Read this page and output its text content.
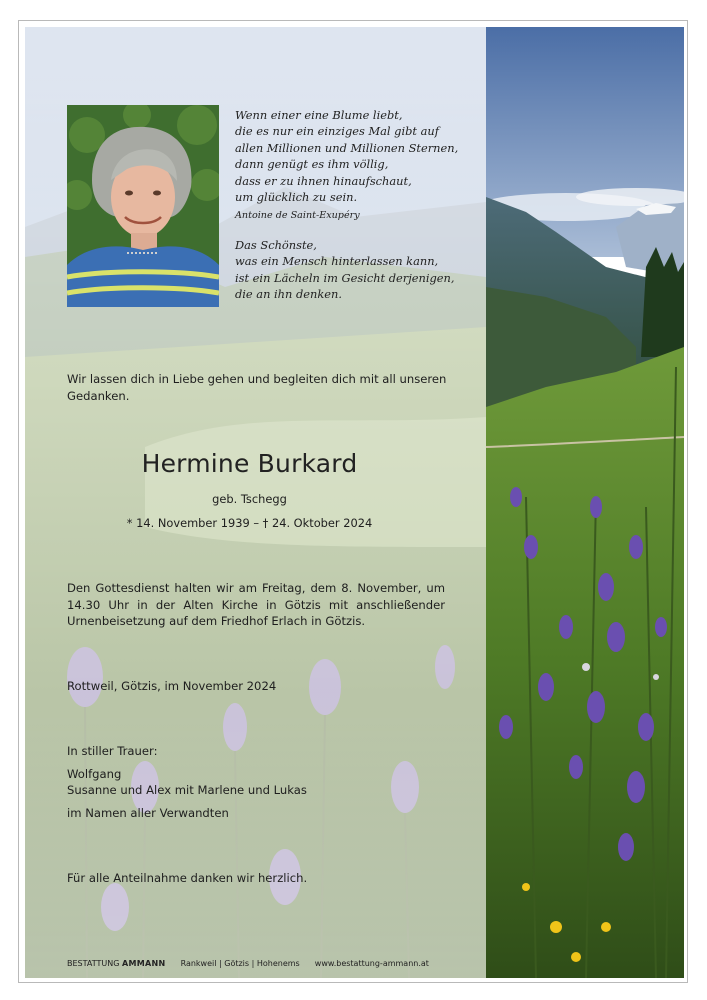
Wenn einer eine Blume liebt,
die es nur ein einziges Mal gibt auf
allen Millionen und Millionen Sternen,
dann genügt es ihm völlig,
dass er zu ihnen hinaufschaut,
um glücklich zu sein.
Antoine de Saint-Exupéry
Das Schönste,
was ein Mensch hinterlassen kann,
ist ein Lächeln im Gesicht derjenigen,
die an ihn denken.
Wir lassen dich in Liebe gehen und begleiten dich mit all unseren Gedanken.
Hermine Burkard
geb. Tschegg
* 14. November 1939 – † 24. Oktober 2024
Den Gottesdienst halten wir am Freitag, dem 8. November, um 14.30 Uhr in der Alten Kirche in Götzis mit anschließender Urnenbeisetzung auf dem Friedhof Erlach in Götzis.
Rottweil, Götzis, im November 2024
In stiller Trauer:
Wolfgang
Susanne und Alex mit Marlene und Lukas
im Namen aller Verwandten
Für alle Anteilnahme danken wir herzlich.
BESTATTUNG AMMANN Rankweil | Götzis | Hohenems www.bestattung-ammann.at
